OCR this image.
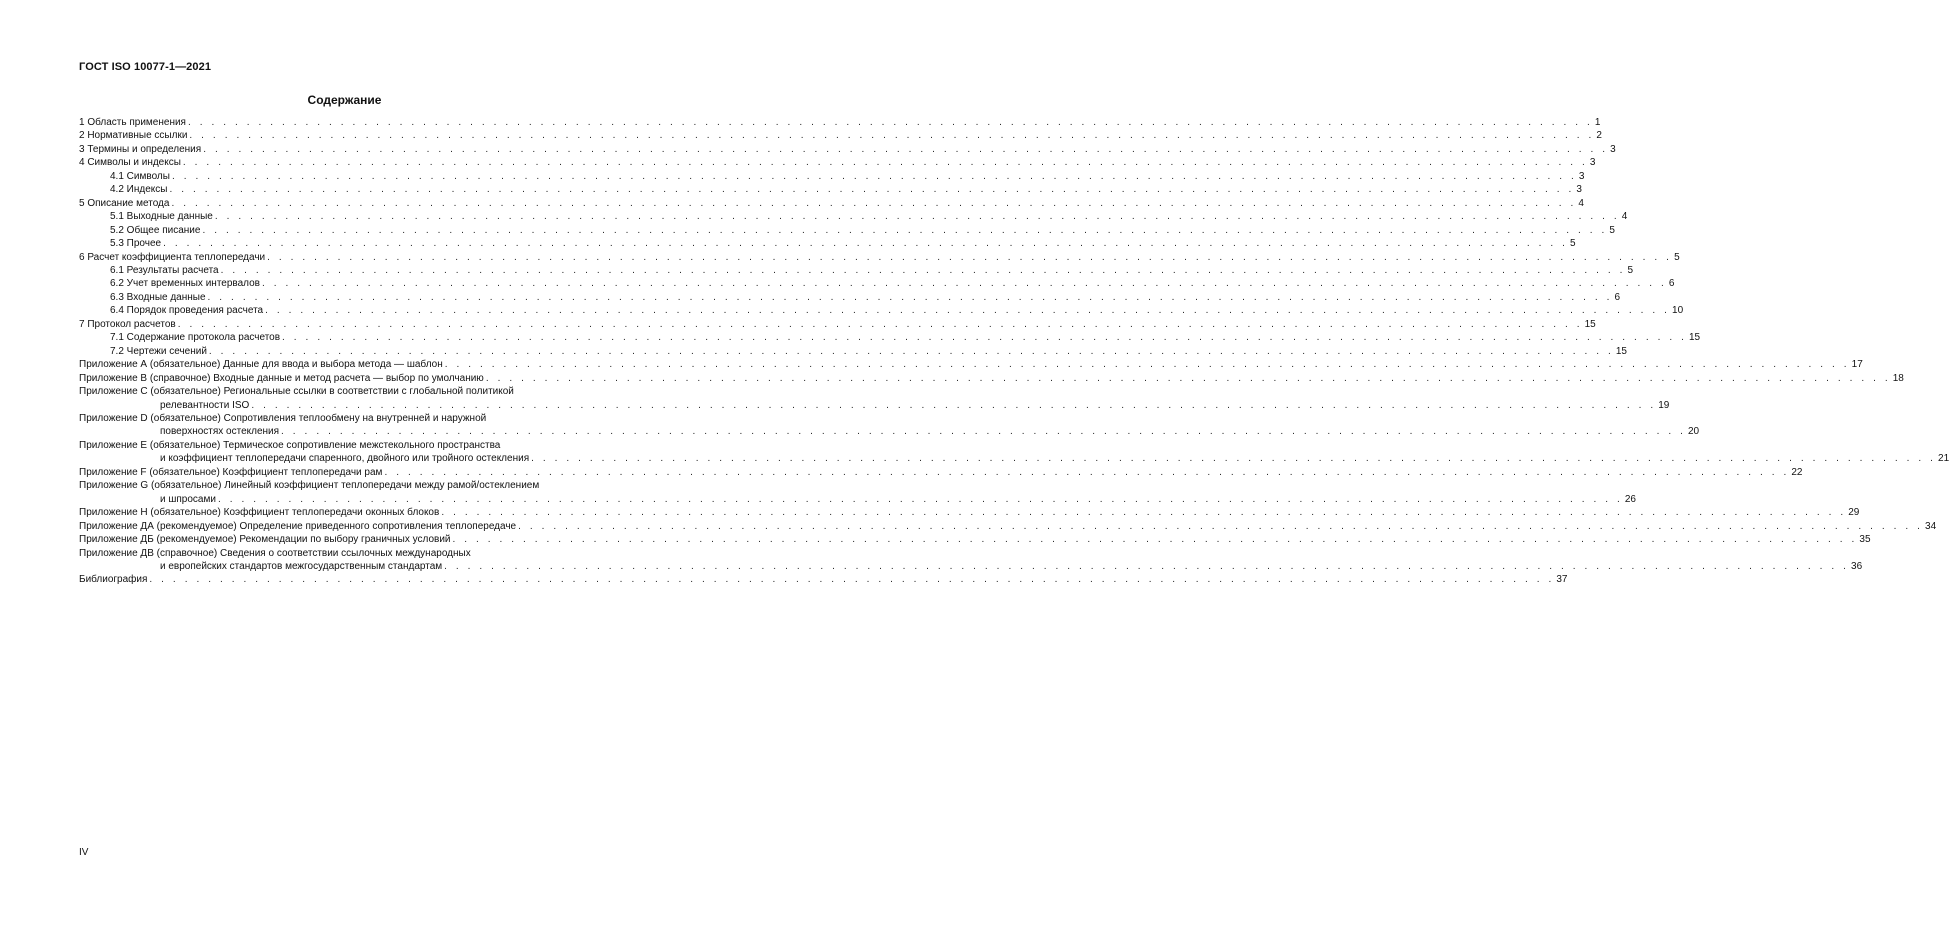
ГОСТ ISO 10077-1—2021
Содержание
1 Область применения . . . . . . . . . . . . . . . . . . . . . . . . . . . . . . . . . . . . . . . . . . . . . . . . . . . . . . . . . . . . . . . . . . . . . . . . . . . . . . . . . . . . . . . . . . . . . . . . . . . . . . . . . . . . . . . . . . . . . . . . 1
2 Нормативные ссылки . . . . . . . . . . . . . . . . . . . . . . . . . . . . . . . . . . . . . . . . . . . . . . . . . . . . . . . . . . . . . . . . . . . . . . . . . . . . . . . . . . . . . . . . . . . . . . . . . . . . . . . . . . . . . . . . . . . . . . . . 2
3 Термины и определения . . . . . . . . . . . . . . . . . . . . . . . . . . . . . . . . . . . . . . . . . . . . . . . . . . . . . . . . . . . . . . . . . . . . . . . . . . . . . . . . . . . . . . . . . . . . . . . . . . . . . . . . . . . . . . . . . . . . . . . . 3
4 Символы и индексы . . . . . . . . . . . . . . . . . . . . . . . . . . . . . . . . . . . . . . . . . . . . . . . . . . . . . . . . . . . . . . . . . . . . . . . . . . . . . . . . . . . . . . . . . . . . . . . . . . . . . . . . . . . . . . . . . . . . . . . . 3
4.1 Символы . . . . . . . . . . . . . . . . . . . . . . . . . . . . . . . . . . . . . . . . . . . . . . . . . . . . . . . . . . . . . . . . . . . . . . . . . . . . . . . . . . . . . . . . . . . . . . . . . . . . . . . . . . . . . . . . . . . . . . . . 3
4.2 Индексы . . . . . . . . . . . . . . . . . . . . . . . . . . . . . . . . . . . . . . . . . . . . . . . . . . . . . . . . . . . . . . . . . . . . . . . . . . . . . . . . . . . . . . . . . . . . . . . . . . . . . . . . . . . . . . . . . . . . . . . . 3
5 Описание метода . . . . . . . . . . . . . . . . . . . . . . . . . . . . . . . . . . . . . . . . . . . . . . . . . . . . . . . . . . . . . . . . . . . . . . . . . . . . . . . . . . . . . . . . . . . . . . . . . . . . . . . . . . . . . . . . . . . . . . . . 4
5.1 Выходные данные . . . . . . . . . . . . . . . . . . . . . . . . . . . . . . . . . . . . . . . . . . . . . . . . . . . . . . . . . . . . . . . . . . . . . . . . . . . . . . . . . . . . . . . . . . . . . . . . . . . . . . . . . . . . . . . . . . . . . . . . 4
5.2 Общее писание . . . . . . . . . . . . . . . . . . . . . . . . . . . . . . . . . . . . . . . . . . . . . . . . . . . . . . . . . . . . . . . . . . . . . . . . . . . . . . . . . . . . . . . . . . . . . . . . . . . . . . . . . . . . . . . . . . . . . . . . 5
5.3 Прочее . . . . . . . . . . . . . . . . . . . . . . . . . . . . . . . . . . . . . . . . . . . . . . . . . . . . . . . . . . . . . . . . . . . . . . . . . . . . . . . . . . . . . . . . . . . . . . . . . . . . . . . . . . . . . . . . . . . . . . . . 5
6 Расчет коэффициента теплопередачи . . . . . . . . . . . . . . . . . . . . . . . . . . . . . . . . . . . . . . . . . . . . . . . . . . . . . . . . . . . . . . . . . . . . . . . . . . . . . . . . . . . . . . . . . . . . . . . . . . . . . . . . . . . . . . . . . . . . . . . . 5
6.1 Результаты расчета . . . . . . . . . . . . . . . . . . . . . . . . . . . . . . . . . . . . . . . . . . . . . . . . . . . . . . . . . . . . . . . . . . . . . . . . . . . . . . . . . . . . . . . . . . . . . . . . . . . . . . . . . . . . . . . . . . . . . . . . 5
6.2 Учет временных интервалов . . . . . . . . . . . . . . . . . . . . . . . . . . . . . . . . . . . . . . . . . . . . . . . . . . . . . . . . . . . . . . . . . . . . . . . . . . . . . . . . . . . . . . . . . . . . . . . . . . . . . . . . . . . . . . . . . . . . . . . . 6
6.3 Входные данные . . . . . . . . . . . . . . . . . . . . . . . . . . . . . . . . . . . . . . . . . . . . . . . . . . . . . . . . . . . . . . . . . . . . . . . . . . . . . . . . . . . . . . . . . . . . . . . . . . . . . . . . . . . . . . . . . . . . . . . . 6
6.4 Порядок проведения расчета . . . . . . . . . . . . . . . . . . . . . . . . . . . . . . . . . . . . . . . . . . . . . . . . . . . . . . . . . . . . . . . . . . . . . . . . . . . . . . . . . . . . . . . . . . . . . . . . . . . . . . . . . . . . . . . . . . . . . . . . 10
7 Протокол расчетов . . . . . . . . . . . . . . . . . . . . . . . . . . . . . . . . . . . . . . . . . . . . . . . . . . . . . . . . . . . . . . . . . . . . . . . . . . . . . . . . . . . . . . . . . . . . . . . . . . . . . . . . . . . . . . . . . . . . . . . . 15
7.1 Содержание протокола расчетов . . . . . . . . . . . . . . . . . . . . . . . . . . . . . . . . . . . . . . . . . . . . . . . . . . . . . . . . . . . . . . . . . . . . . . . . . . . . . . . . . . . . . . . . . . . . . . . . . . . . . . . . . . . . . . . . . . . . . . . . 15
7.2 Чертежи сечений . . . . . . . . . . . . . . . . . . . . . . . . . . . . . . . . . . . . . . . . . . . . . . . . . . . . . . . . . . . . . . . . . . . . . . . . . . . . . . . . . . . . . . . . . . . . . . . . . . . . . . . . . . . . . . . . . . . . . . . . 15
Приложение А (обязательное) Данные для ввода и выбора метода — шаблон . . . . . . . . . . . . . . . . . . . . . . . . . . . . . . . . . . . . . . . . . . . . . . . . . . . . . . . . . . . . . . . . . . . . . . . . . . . . . . . . . . . . . . . . . . . . . . . . . . . . . . . . . . . . . . . . . . . . . . . . 17
Приложение В (справочное) Входные данные и метод расчета — выбор по умолчанию . . . . . . . . . . . . . . . . . . . . . . . . . . . . . . . . . . . . . . . . . . . . . . . . . . . . . . . . . . . . . . . . . . . . . . . . . . . . . . . . . . . . . . . . . . . . . . . . . . . . . . . . . . . . . . . . . . . . . . . . 18
Приложение С (обязательное) Региональные ссылки в соответствии с глобальной политикой
релевантности ISO . . . . . . . . . . . . . . . . . . . . . . . . . . . . . . . . . . . . . . . . . . . . . . . . . . . . . . . . . . . . . . . . . . . . . . . . . . . . . . . . . . . . . . . . . . . . . . . . . . . . . . . . . . . . . . . . . . . . . . . . 19
Приложение D (обязательное) Сопротивления теплообмену на внутренней и наружной
поверхностях остекления . . . . . . . . . . . . . . . . . . . . . . . . . . . . . . . . . . . . . . . . . . . . . . . . . . . . . . . . . . . . . . . . . . . . . . . . . . . . . . . . . . . . . . . . . . . . . . . . . . . . . . . . . . . . . . . . . . . . . . . . 20
Приложение Е (обязательное) Термическое сопротивление межстекольного пространства
и коэффициент теплопередачи спаренного, двойного или тройного остекления . . . . . . . . . . . . . . . . . . . . . . . . . . . . . . . . . . . . . . . . . . . . . . . . . . . . . . . . . . . . . . . . . . . . . . . . . . . . . . . . . . . . . . . . . . . . . . . . . . . . . . . . . . . . . . . . . . . . . . . . 21
Приложение F (обязательное) Коэффициент теплопередачи рам . . . . . . . . . . . . . . . . . . . . . . . . . . . . . . . . . . . . . . . . . . . . . . . . . . . . . . . . . . . . . . . . . . . . . . . . . . . . . . . . . . . . . . . . . . . . . . . . . . . . . . . . . . . . . . . . . . . . . . . . 22
Приложение G (обязательное) Линейный коэффициент теплопередачи между рамой/остеклением
и шпросами . . . . . . . . . . . . . . . . . . . . . . . . . . . . . . . . . . . . . . . . . . . . . . . . . . . . . . . . . . . . . . . . . . . . . . . . . . . . . . . . . . . . . . . . . . . . . . . . . . . . . . . . . . . . . . . . . . . . . . . . 26
Приложение Н (обязательное) Коэффициент теплопередачи оконных блоков . . . . . . . . . . . . . . . . . . . . . . . . . . . . . . . . . . . . . . . . . . . . . . . . . . . . . . . . . . . . . . . . . . . . . . . . . . . . . . . . . . . . . . . . . . . . . . . . . . . . . . . . . . . . . . . . . . . . . . . . 29
Приложение ДА (рекомендуемое) Определение приведенного сопротивления теплопередаче . . . . . . . . . . . . . . . . . . . . . . . . . . . . . . . . . . . . . . . . . . . . . . . . . . . . . . . . . . . . . . . . . . . . . . . . . . . . . . . . . . . . . . . . . . . . . . . . . . . . . . . . . . . . . . . . . . . . . . . . 34
Приложение ДБ (рекомендуемое) Рекомендации по выбору граничных условий . . . . . . . . . . . . . . . . . . . . . . . . . . . . . . . . . . . . . . . . . . . . . . . . . . . . . . . . . . . . . . . . . . . . . . . . . . . . . . . . . . . . . . . . . . . . . . . . . . . . . . . . . . . . . . . . . . . . . . . . 35
Приложение ДВ (справочное) Сведения о соответствии ссылочных международных
и европейских стандартов межгосударственным стандартам . . . . . . . . . . . . . . . . . . . . . . . . . . . . . . . . . . . . . . . . . . . . . . . . . . . . . . . . . . . . . . . . . . . . . . . . . . . . . . . . . . . . . . . . . . . . . . . . . . . . . . . . . . . . . . . . . . . . . . . . 36
Библиография . . . . . . . . . . . . . . . . . . . . . . . . . . . . . . . . . . . . . . . . . . . . . . . . . . . . . . . . . . . . . . . . . . . . . . . . . . . . . . . . . . . . . . . . . . . . . . . . . . . . . . . . . . . . . . . . . . . . . . . . 37
IV
